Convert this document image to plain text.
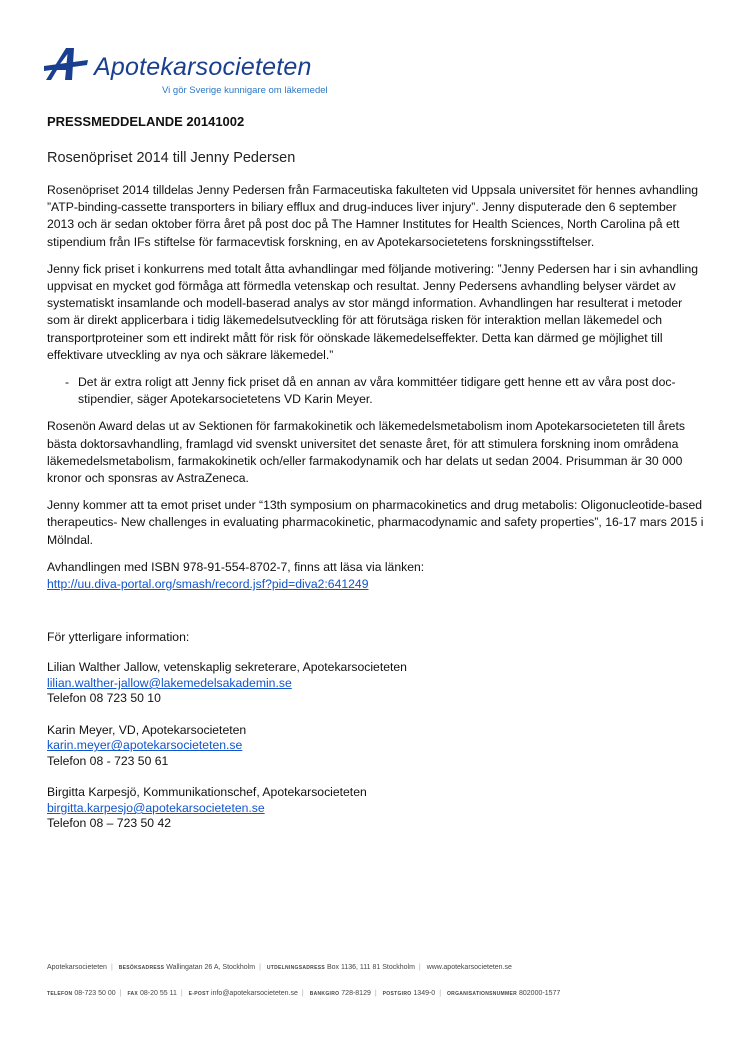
Apotekarsocieteten
Vi gör Sverige kunnigare om läkemedel
PRESSMEDDELANDE 20141002
Rosenöpriset 2014 till Jenny Pedersen

Rosenöpriset 2014 tilldelas Jenny Pedersen från Farmaceutiska fakulteten vid Uppsala universitet för hennes avhandling ”ATP-binding-cassette transporters in biliary efflux and drug-induces liver injury”. Jenny disputerade den 6 september 2013 och är sedan oktober förra året på post doc på The Hamner Institutes for Health Sciences, North Carolina på ett stipendium från IFs stiftelse för farmacevtisk forskning, en av Apotekarsocietetens forskningsstiftelser.

Jenny fick priset i konkurrens med totalt åtta avhandlingar med följande motivering: ”Jenny Pedersen har i sin avhandling uppvisat en mycket god förmåga att förmedla vetenskap och resultat. Jenny Pedersens avhandling belyser värdet av systematiskt insamlande och modell-baserad analys av stor mängd information. Avhandlingen har resulterat i metoder som är direkt applicerbara i tidig läkemedelsutveckling för att förutsäga risken för interaktion mellan läkemedel och transportproteiner som ett indirekt mått för risk för oönskade läkemedelseffekter. Detta kan därmed ge möjlighet till effektivare utveckling av nya och säkrare läkemedel.”

- Det är extra roligt att Jenny fick priset då en annan av våra kommittéer tidigare gett henne ett av våra post doc-stipendier, säger Apotekarsocietetens VD Karin Meyer.

Rosenön Award delas ut av Sektionen för farmakokinetik och läkemedelsmetabolism inom Apotekarsocieteten till årets bästa doktorsavhandling, framlagd vid svenskt universitet det senaste året, för att stimulera forskning inom områdena läkemedelsmetabolism, farmakokinetik och/eller farmakodynamik och har delats ut sedan 2004. Prisumman är 30 000 kronor och sponsras av AstraZeneca.

Jenny kommer att ta emot priset under “13th symposium on pharmacokinetics and drug metabolis: Oligonucleotide-based therapeutics- New challenges in evaluating pharmacokinetic, pharmacodynamic and safety properties”, 16-17 mars 2015 i Mölndal.

Avhandlingen med ISBN 978-91-554-8702-7, finns att läsa via länken:
http://uu.diva-portal.org/smash/record.jsf?pid=diva2:641249

För ytterligare information:

Lilian Walther Jallow, vetenskaplig sekreterare, Apotekarsocieteten
lilian.walther-jallow@lakemedelsakademin.se
Telefon 08 723 50 10
Karin Meyer, VD, Apotekarsocieteten
karin.meyer@apotekarsocieteten.se
Telefon 08 - 723 50 61
Birgitta Karpesjö, Kommunikationschef, Apotekarsocieteten
birgitta.karpesjo@apotekarsocieteten.se
Telefon 08 – 723 50 42
Apotekarsocieteten | BESÖKSADRESS Wallingatan 26 A, Stockholm | UTDELNINGSADRESS Box 1136, 111 81 Stockholm | www.apotekarsocieteten.se
TELEFON 08-723 50 00 | FAX 08-20 55 11 | E-POST info@apotekarsocieteten.se | BANKGIRO 728-8129 | POSTGIRO 1349-0 | ORGANISATIONSNUMMER 802000-1577
